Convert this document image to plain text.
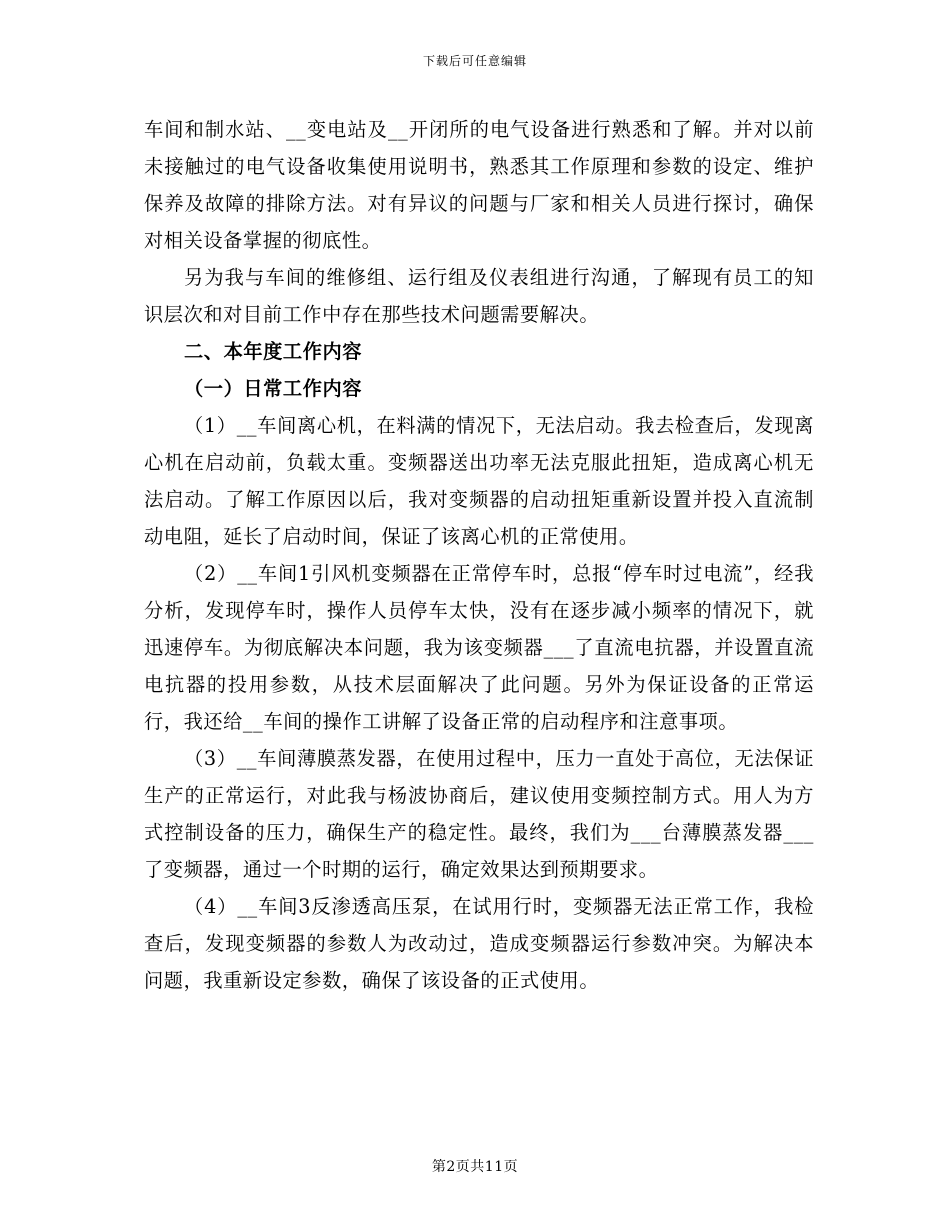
下载后可任意编辑

车间和制水站、__变电站及__开闭所的电气设备进行熟悉和了解。并对以前未接触过的电气设备收集使用说明书，熟悉其工作原理和参数的设定、维护保养及故障的排除方法。对有异议的问题与厂家和相关人员进行探讨，确保对相关设备掌握的彻底性。

另为我与车间的维修组、运行组及仪表组进行沟通，了解现有员工的知识层次和对目前工作中存在那些技术问题需要解决。

二、本年度工作内容
（一）日常工作内容

（1）__车间离心机，在料满的情况下，无法启动。我去检查后，发现离心机在启动前，负载太重。变频器送出功率无法克服此扭矩，造成离心机无法启动。了解工作原因以后，我对变频器的启动扭矩重新设置并投入直流制动电阻，延长了启动时间，保证了该离心机的正常使用。

（2）__车间1引风机变频器在正常停车时，总报“停车时过电流”，经我分析，发现停车时，操作人员停车太快，没有在逐步减小频率的情况下，就迅速停车。为彻底解决本问题，我为该变频器___了直流电抗器，并设置直流电抗器的投用参数，从技术层面解决了此问题。另外为保证设备的正常运行，我还给__车间的操作工讲解了设备正常的启动程序和注意事项。

（3）__车间薄膜蒸发器，在使用过程中，压力一直处于高位，无法保证生产的正常运行，对此我与杨波协商后，建议使用变频控制方式。用人为方式控制设备的压力，确保生产的稳定性。最终，我们为___台薄膜蒸发器___了变频器，通过一个时期的运行，确定效果达到预期要求。

（4）__车间3反渗透高压泵，在试用行时，变频器无法正常工作，我检查后，发现变频器的参数人为改动过，造成变频器运行参数冲突。为解决本问题，我重新设定参数，确保了该设备的正式使用。

第2页共11页
